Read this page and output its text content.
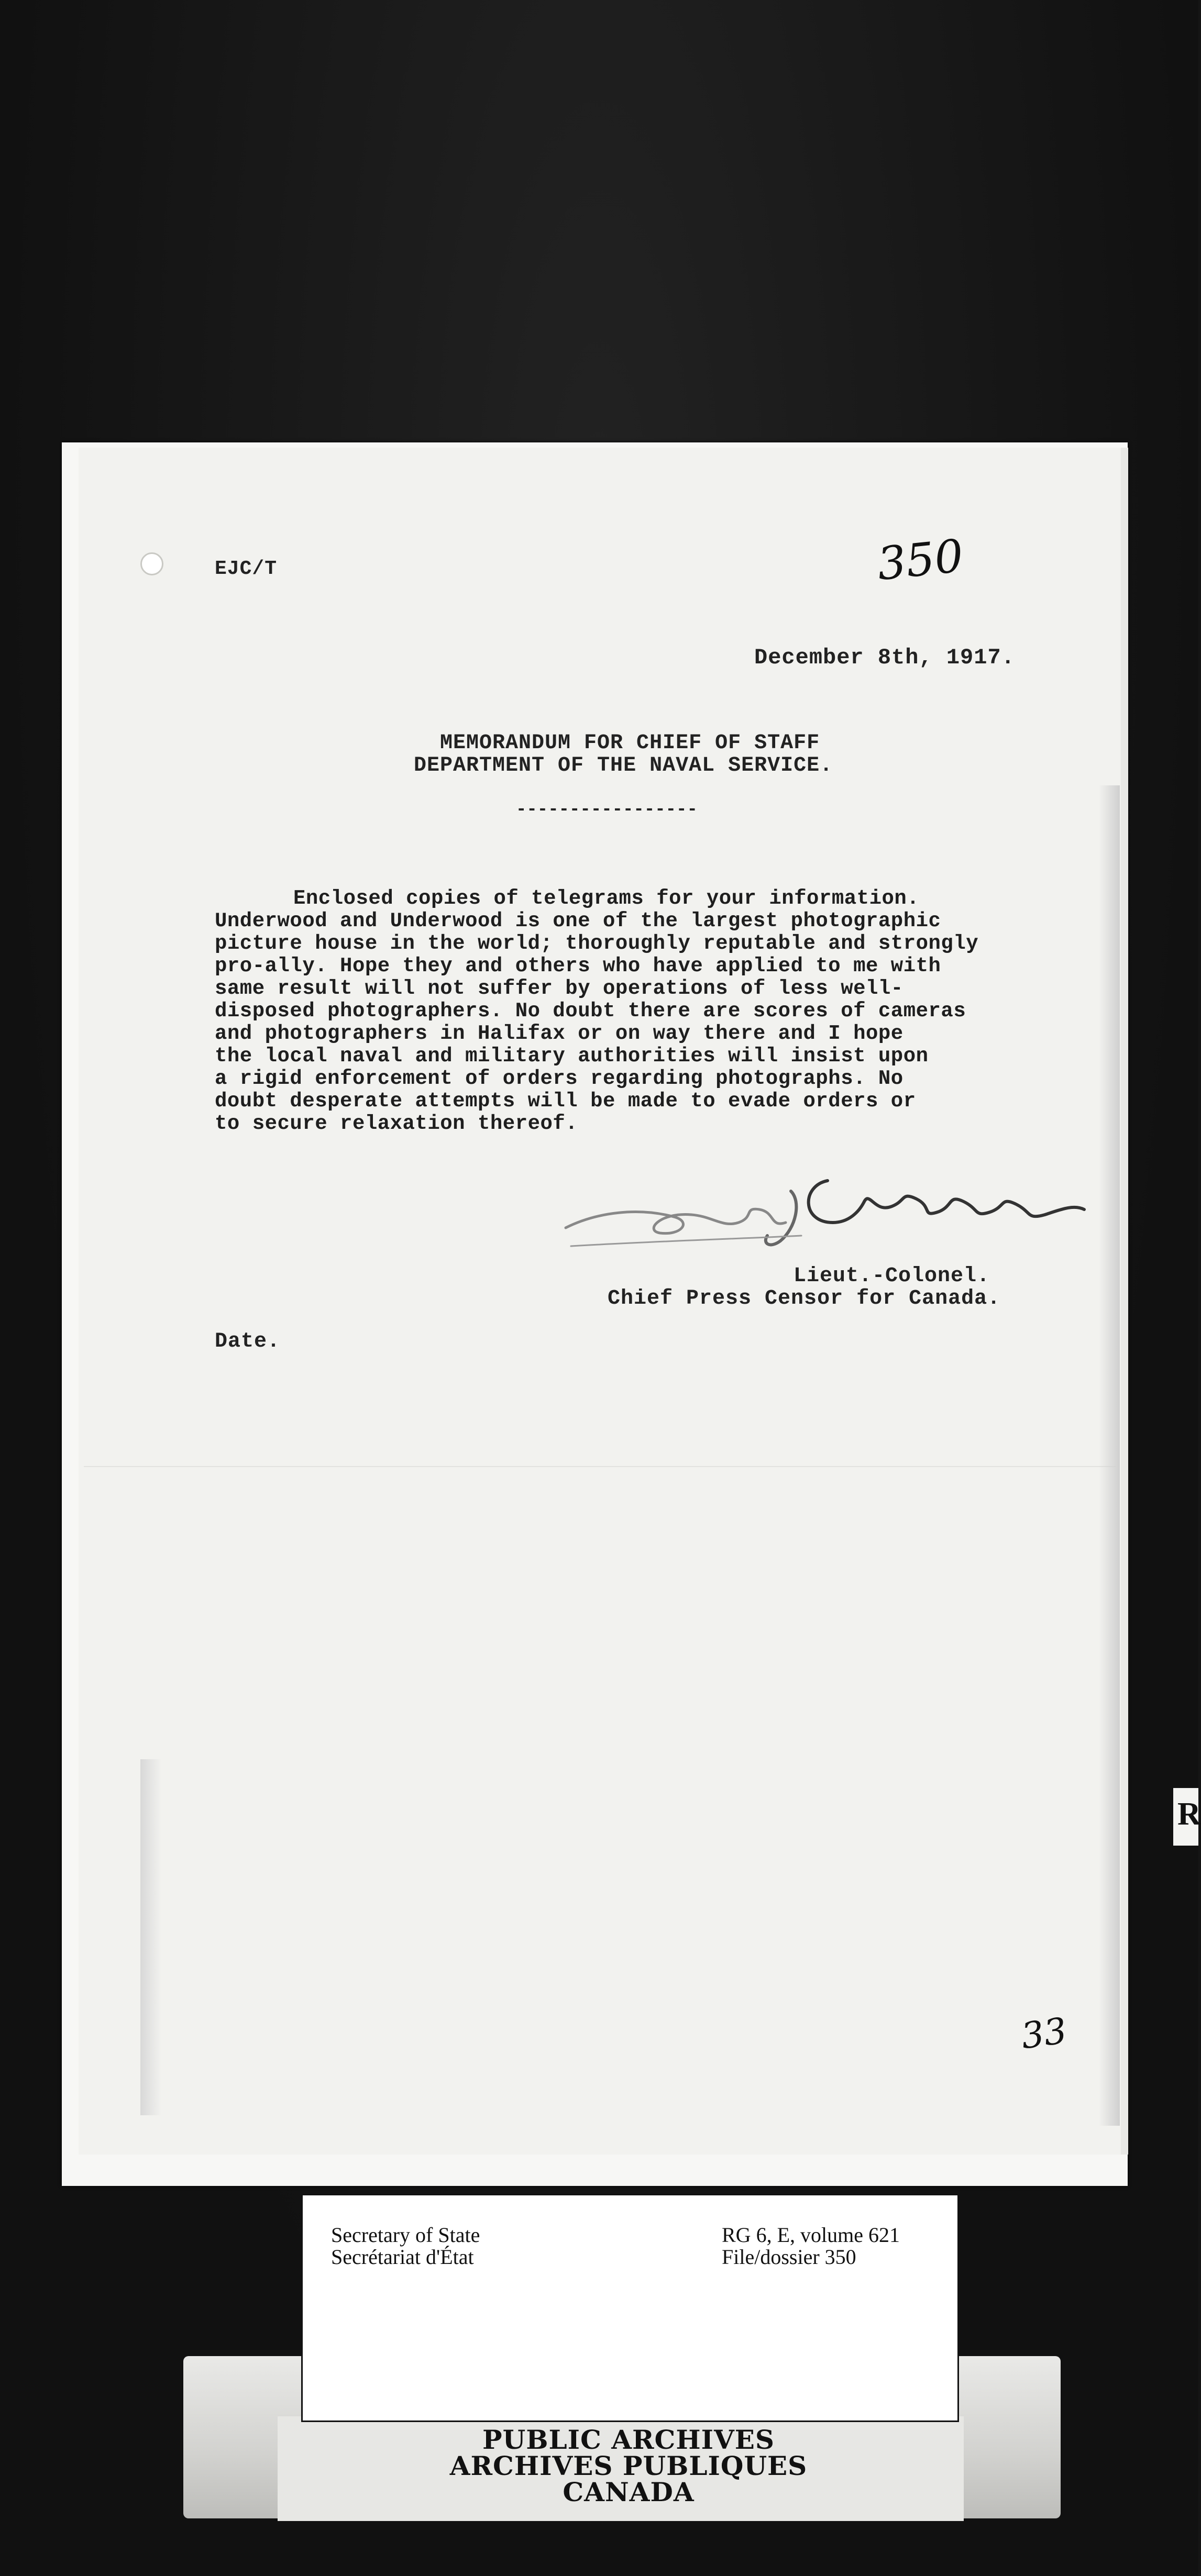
EJC/T	350
December 8th, 1917.
MEMORANDUM FOR CHIEF OF STAFF
DEPARTMENT OF THE NAVAL SERVICE.
-----------------
Enclosed copies of telegrams for your information.
Underwood and Underwood is one of the largest photographic
picture house in the world; thoroughly reputable and strongly
pro-ally. Hope they and others who have applied to me with
same result will not suffer by operations of less well-
disposed photographers. No doubt there are scores of cameras
and photographers in Halifax or on way there and I hope
the local naval and military authorities will insist upon
a rigid enforcement of orders regarding photographs. No
doubt desperate attempts will be made to evade orders or
to secure relaxation thereof.
Lieut.-Colonel.
Chief Press Censor for Canada.
Date.
33
R
Secretary of State
Secrétariat d'État
RG 6, E, volume 621
File/dossier 350
PUBLIC ARCHIVES
ARCHIVES PUBLIQUES
CANADA
